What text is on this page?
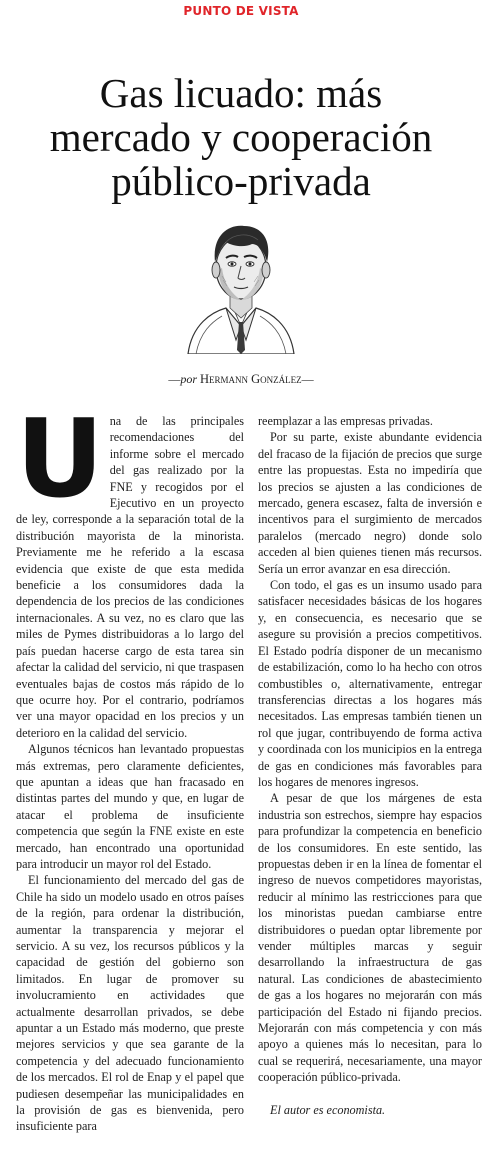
PUNTO DE VISTA
Gas licuado: más
mercado y cooperación
público-privada
—por Hermann González—

Una de las principales recomendaciones del informe sobre el mercado del gas realizado por la FNE y recogidos por el Ejecutivo en un proyecto de ley, corresponde a la separación total de la distribución mayorista de la minorista. Previamente me he referido a la escasa evidencia que existe de que esta medida beneficie a los consumidores dada la dependencia de los precios de las condiciones internacionales. A su vez, no es claro que las miles de Pymes distribuidoras a lo largo del país puedan hacerse cargo de esta tarea sin afectar la calidad del servicio, ni que traspasen eventuales bajas de costos más rápido de lo que ocurre hoy. Por el contrario, podríamos ver una mayor opacidad en los precios y un deterioro en la calidad del servicio.

Algunos técnicos han levantado propuestas más extremas, pero claramente deficientes, que apuntan a ideas que han fracasado en distintas partes del mundo y que, en lugar de atacar el problema de insuficiente competencia que según la FNE existe en este mercado, han encontrado una oportunidad para introducir un mayor rol del Estado.

El funcionamiento del mercado del gas de Chile ha sido un modelo usado en otros países de la región, para ordenar la distribución, aumentar la transparencia y mejorar el servicio. A su vez, los recursos públicos y la capacidad de gestión del gobierno son limitados. En lugar de promover su involucramiento en actividades que actualmente desarrollan privados, se debe apuntar a un Estado más moderno, que preste mejores servicios y que sea garante de la competencia y del adecuado funcionamiento de los mercados. El rol de Enap y el papel que pudiesen desempeñar las municipalidades en la provisión de gas es bienvenida, pero insuficiente para

reemplazar a las empresas privadas.

Por su parte, existe abundante evidencia del fracaso de la fijación de precios que surge entre las propuestas. Esta no impediría que los precios se ajusten a las condiciones de mercado, genera escasez, falta de inversión e incentivos para el surgimiento de mercados paralelos (mercado negro) donde solo acceden al bien quienes tienen más recursos. Sería un error avanzar en esa dirección.

Con todo, el gas es un insumo usado para satisfacer necesidades básicas de los hogares y, en consecuencia, es necesario que se asegure su provisión a precios competitivos. El Estado podría disponer de un mecanismo de estabilización, como lo ha hecho con otros combustibles o, alternativamente, entregar transferencias directas a los hogares más necesitados. Las empresas también tienen un rol que jugar, contribuyendo de forma activa y coordinada con los municipios en la entrega de gas en condiciones más favorables para los hogares de menores ingresos.

A pesar de que los márgenes de esta industria son estrechos, siempre hay espacios para profundizar la competencia en beneficio de los consumidores. En este sentido, las propuestas deben ir en la línea de fomentar el ingreso de nuevos competidores mayoristas, reducir al mínimo las restricciones para que los minoristas puedan cambiarse entre distribuidores o puedan optar libremente por vender múltiples marcas y seguir desarrollando la infraestructura de gas natural. Las condiciones de abastecimiento de gas a los hogares no mejorarán con más participación del Estado ni fijando precios. Mejorarán con más competencia y con más apoyo a quienes más lo necesitan, para lo cual se requerirá, necesariamente, una mayor cooperación público-privada.

El autor es economista.
